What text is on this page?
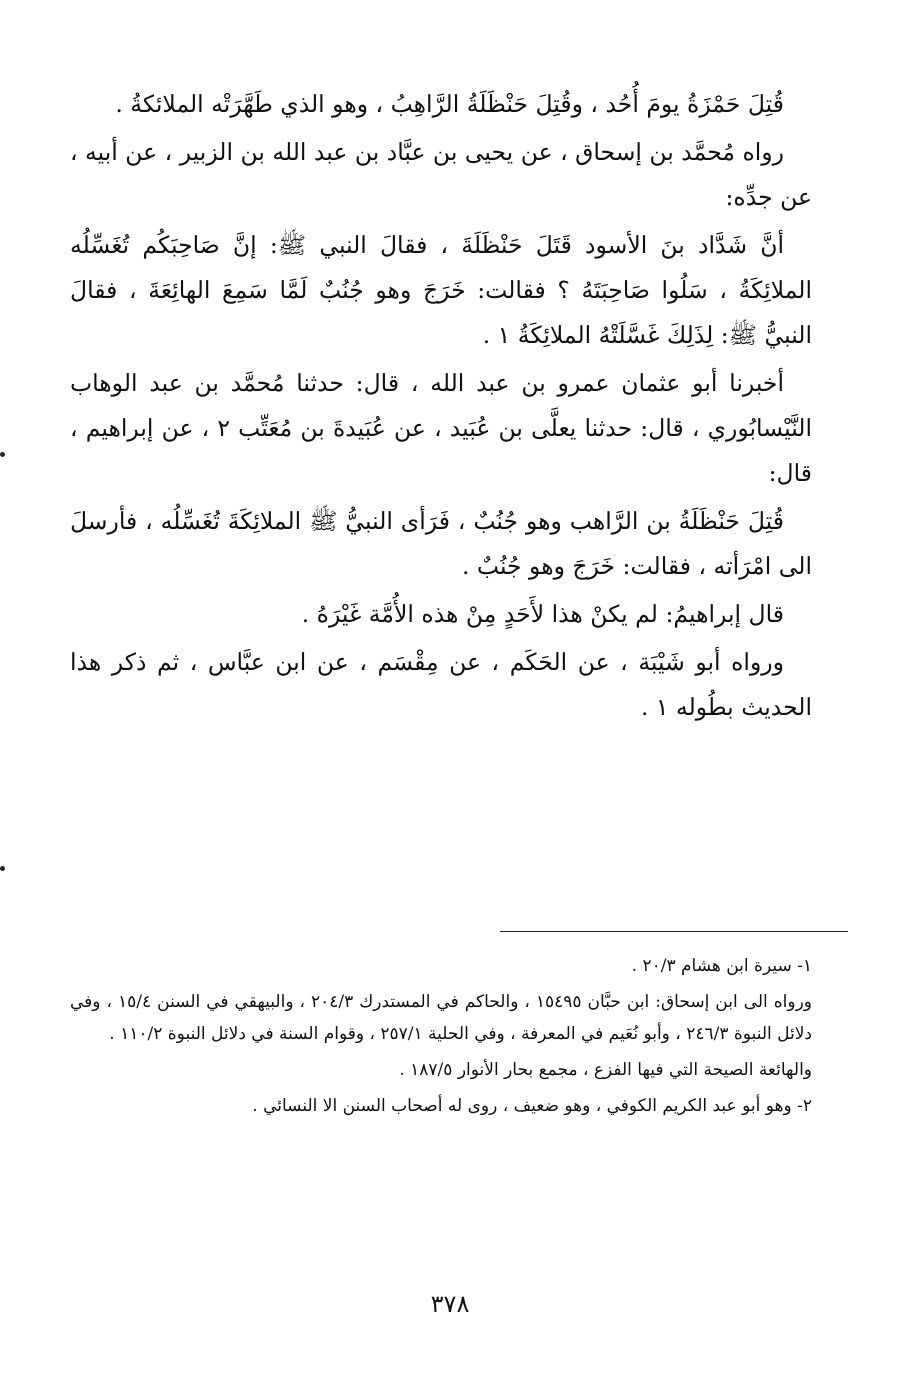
قُتِلَ حَمْزَةُ يومَ أُحُد ، وقُتِلَ حَنْظَلَةُ الرَّاهِبُ ، وهو الذي طَهَّرَتْه الملائكةُ .

رواه مُحمَّد بن إسحاق ، عن يحيى بن عبَّاد بن عبد الله بن الزبير ، عن أبيه ، عن جدِّه:

أنَّ شَدَّاد بنَ الأسود قَتَلَ حَنْظَلَةَ ، فقالَ النبي ﷺ: إنَّ صَاحِبَكُم تُغَسِّلُه الملائِكَةُ ، سَلُوا صَاحِبَتَهُ ؟ فقالت: خَرَجَ وهو جُنُبٌ لَمَّا سَمِعَ الهائِعَةَ ، فقالَ النبيُّ ﷺ: لِذَلِكَ غَسَّلَتْهُ الملائِكَةُ ١ .

أخبرنا أبو عثمان عمرو بن عبد الله ، قال: حدثنا مُحمَّد بن عبد الوهاب النَّيْسابُوري ، قال: حدثنا يعلَّى بن عُبَيد ، عن عُبَيدةَ بن مُعَتِّب ٢ ، عن إبراهيم ، قال:

قُتِلَ حَنْظَلَةُ بن الرَّاهب وهو جُنُبٌ ، فَرَأى النبيُّ ﷺ الملائِكَةَ تُغَسِّلُه ، فأرسلَ الى امْرَأته ، فقالت: خَرَجَ وهو جُنُبٌ .

قال إبراهيمُ: لم يكنْ هذا لأَحَدٍ مِنْ هذه الأُمَّة غَيْرَهُ .

ورواه أبو شَيْبَة ، عن الحَكَم ، عن مِقْسَم ، عن ابن عبَّاس ، ثم ذكر هذا الحديث بطُوله ١ .

١- سيرة ابن هشام ٢٠/٣ .

ورواه الى ابن إسحاق: ابن حبَّان ١٥٤٩٥ ، والحاكم في المستدرك ٢٠٤/٣ ، والبيهقي في السنن ١٥/٤ ، وفي دلائل النبوة ٢٤٦/٣ ، وأبو نُعَيم في المعرفة ، وفي الحلية ٢٥٧/١ ، وقوام السنة في دلائل النبوة ١١٠/٢ .

والهائعة الصيحة التي فيها الفزع ، مجمع بحار الأنوار ١٨٧/٥ .

٢- وهو أبو عبد الكريم الكوفي ، وهو ضعيف ، روى له أصحاب السنن الا النسائي .

٣٧٨
